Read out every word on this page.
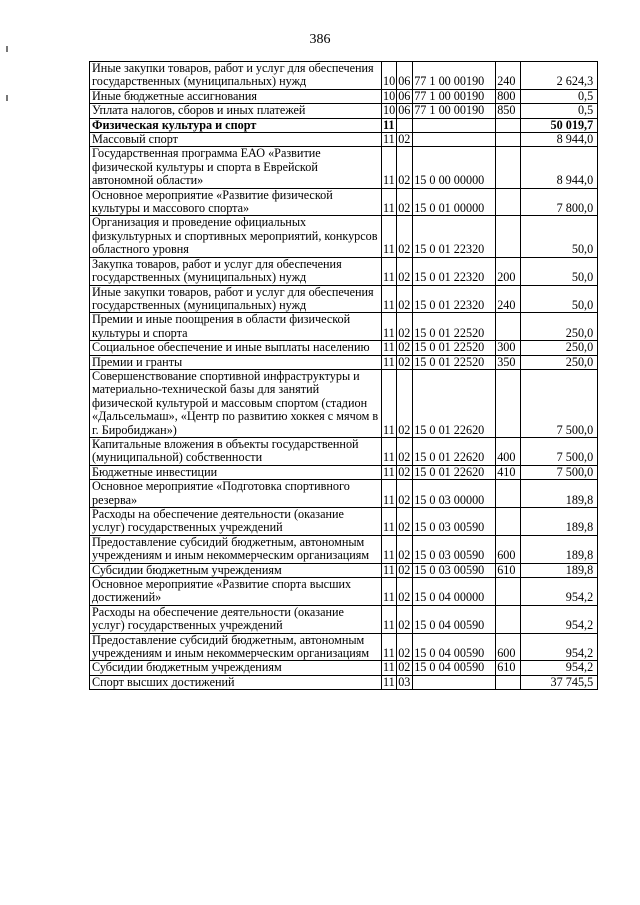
386
Иные закупки товаров, работ и услуг для обеспечения государственных (муниципальных) нужд	10	06	77 1 00 00190	240	2 624,3
Иные бюджетные ассигнования	10	06	77 1 00 00190	800	0,5
Уплата налогов, сборов и иных платежей	10	06	77 1 00 00190	850	0,5
Физическая культура и спорт	11				50 019,7
Массовый спорт	11	02			8 944,0
Государственная программа ЕАО «Развитие физической культуры и спорта в Еврейской автономной области»	11	02	15 0 00 00000		8 944,0
Основное мероприятие «Развитие физической культуры и массового спорта»	11	02	15 0 01 00000		7 800,0
Организация и проведение официальных физкультурных и спортивных мероприятий, конкурсов областного уровня	11	02	15 0 01 22320		50,0
Закупка товаров, работ и услуг для обеспечения государственных (муниципальных) нужд	11	02	15 0 01 22320	200	50,0
Иные закупки товаров, работ и услуг для обеспечения государственных (муниципальных) нужд	11	02	15 0 01 22320	240	50,0
Премии и иные поощрения в области физической культуры и спорта	11	02	15 0 01 22520		250,0
Социальное обеспечение и иные выплаты населению	11	02	15 0 01 22520	300	250,0
Премии и гранты	11	02	15 0 01 22520	350	250,0
Совершенствование спортивной инфраструктуры и материально-технической базы для занятий физической культурой и массовым спортом (стадион «Дальсельмаш», «Центр по развитию хоккея с мячом в г. Биробиджан»)	11	02	15 0 01 22620		7 500,0
Капитальные вложения в объекты государственной (муниципальной) собственности	11	02	15 0 01 22620	400	7 500,0
Бюджетные инвестиции	11	02	15 0 01 22620	410	7 500,0
Основное мероприятие «Подготовка спортивного резерва»	11	02	15 0 03 00000		189,8
Расходы на обеспечение деятельности (оказание услуг) государственных учреждений	11	02	15 0 03 00590		189,8
Предоставление субсидий бюджетным, автономным учреждениям и иным некоммерческим организациям	11	02	15 0 03 00590	600	189,8
Субсидии бюджетным учреждениям	11	02	15 0 03 00590	610	189,8
Основное мероприятие «Развитие спорта высших достижений»	11	02	15 0 04 00000		954,2
Расходы на обеспечение деятельности (оказание услуг) государственных учреждений	11	02	15 0 04 00590		954,2
Предоставление субсидий бюджетным, автономным учреждениям и иным некоммерческим организациям	11	02	15 0 04 00590	600	954,2
Субсидии бюджетным учреждениям	11	02	15 0 04 00590	610	954,2
Спорт высших достижений	11	03			37 745,5
